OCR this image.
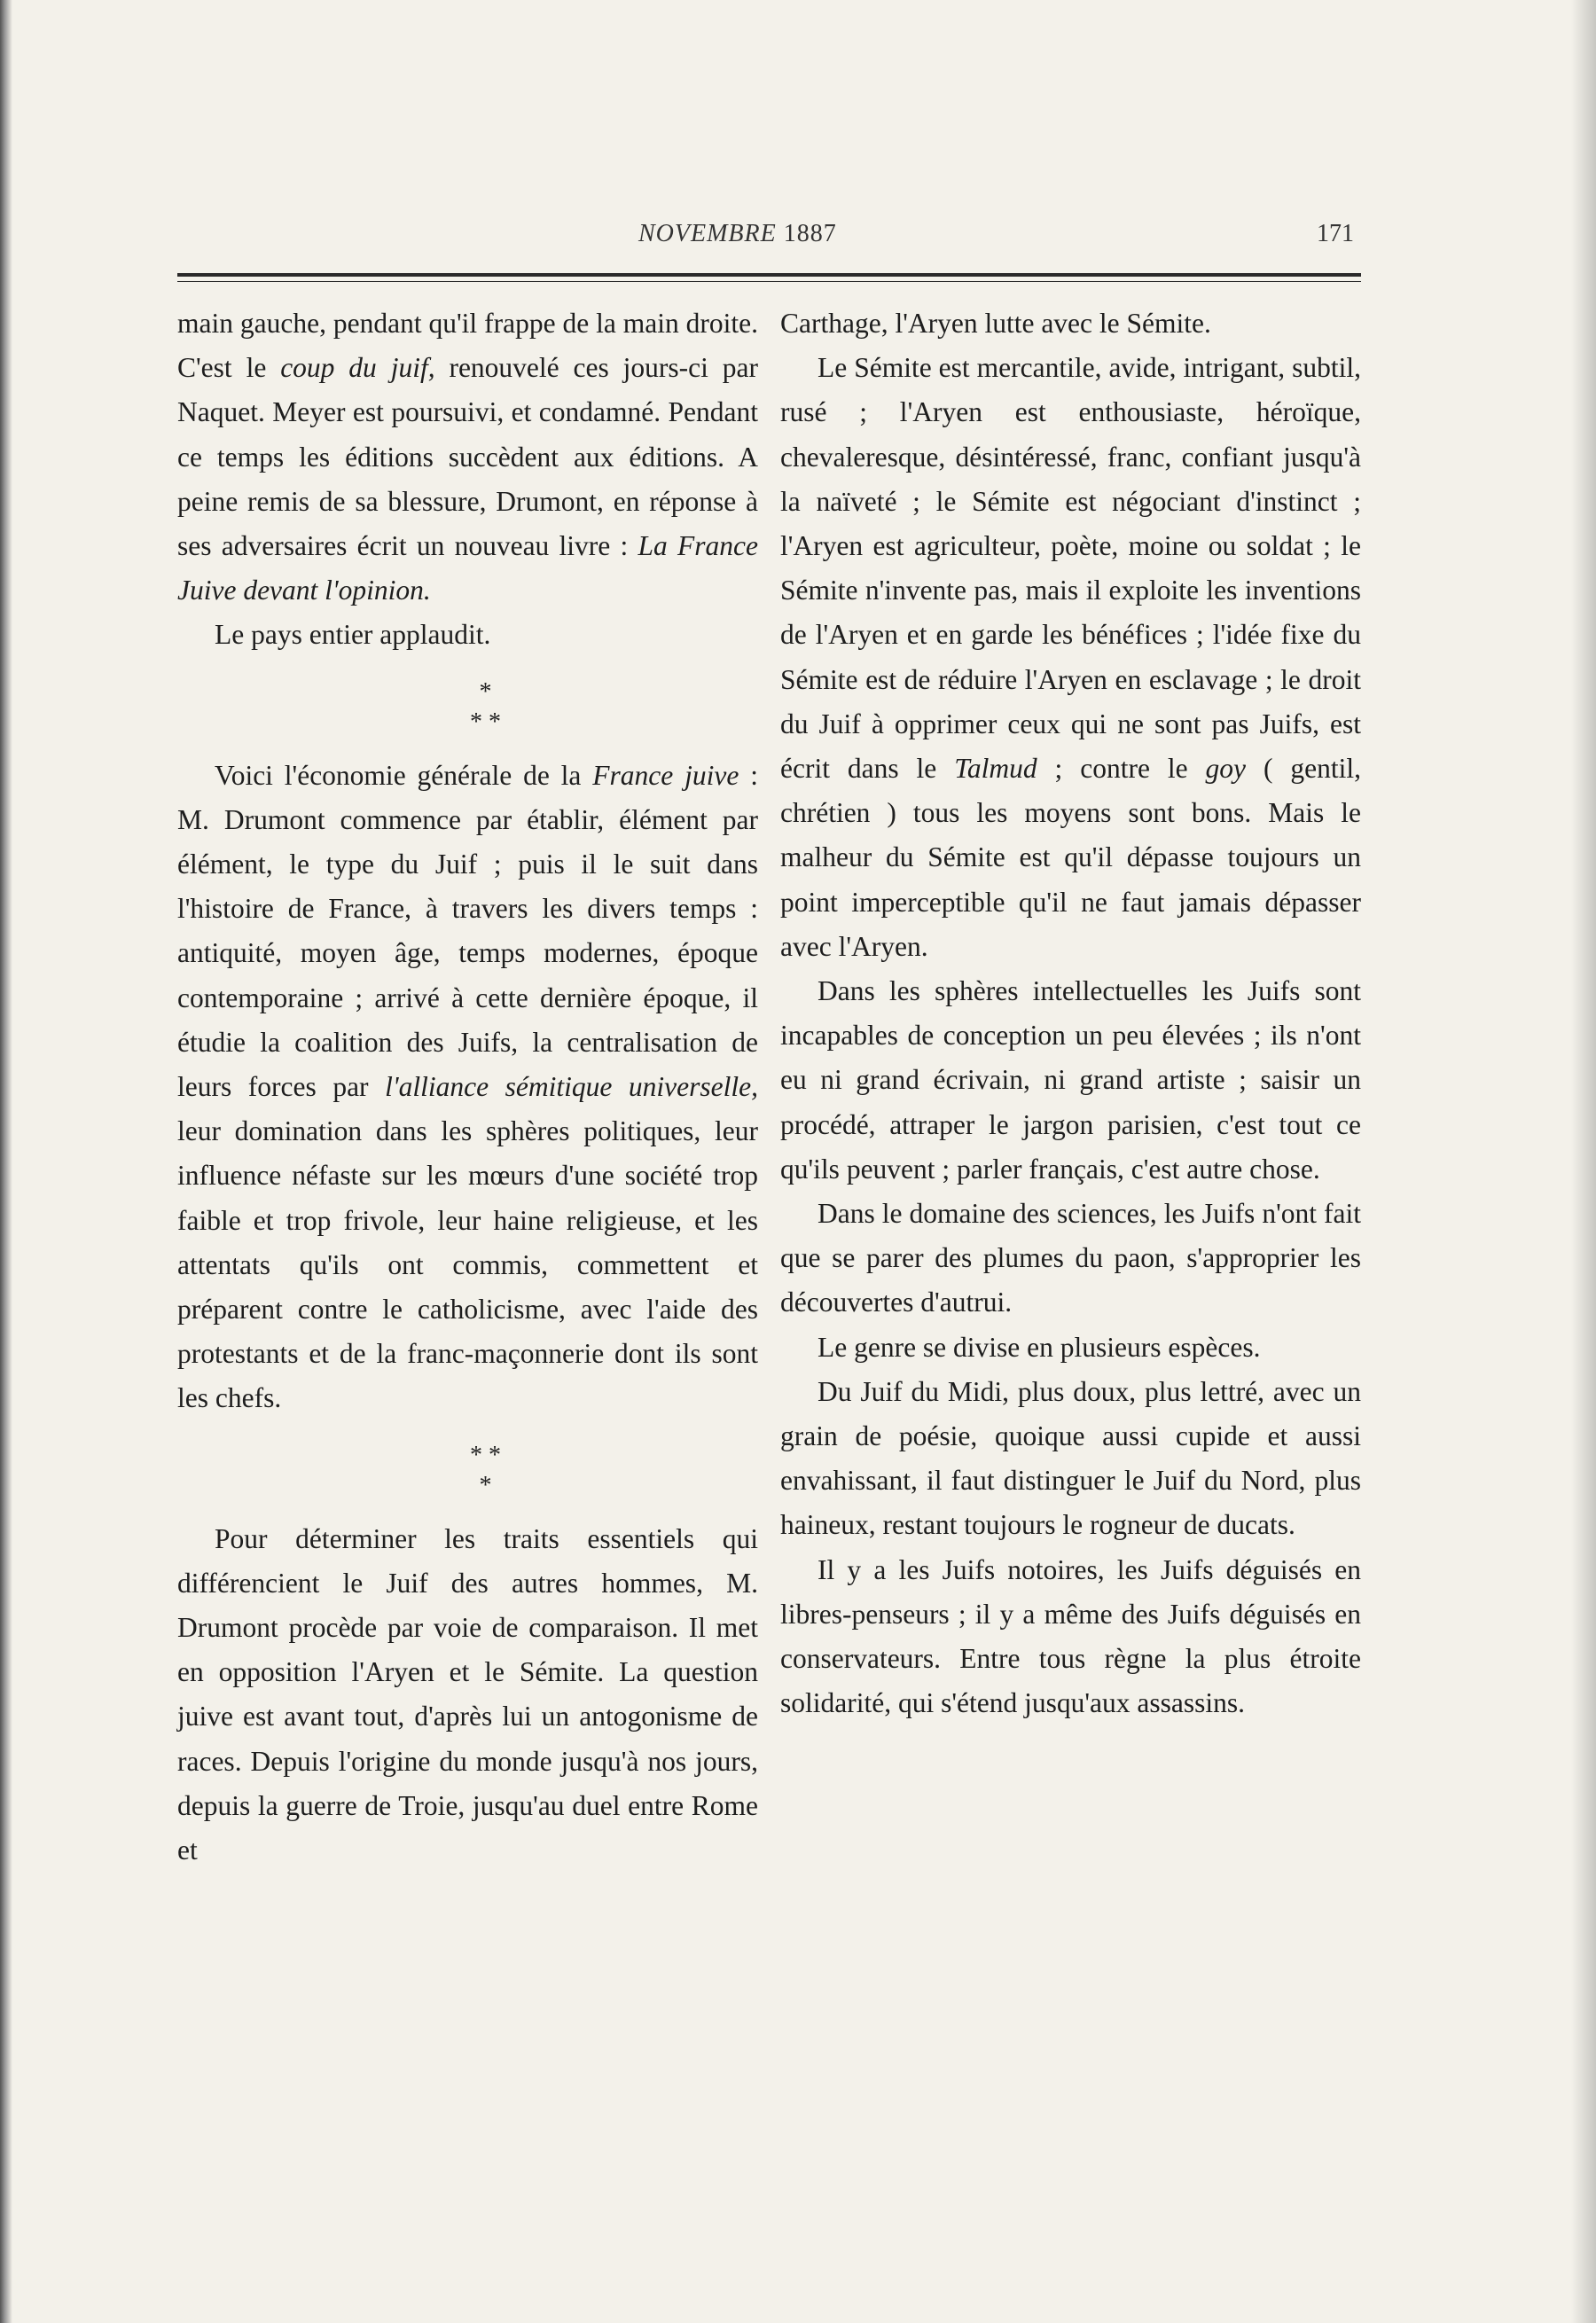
NOVEMBRE 1887	171

main gauche, pendant qu'il frappe de la main droite. C'est le coup du juif, renouvelé ces jours-ci par Naquet. Meyer est poursuivi, et condamné. Pendant ce temps les éditions succèdent aux éditions. A peine remis de sa blessure, Drumont, en réponse à ses adversaires écrit un nouveau livre : La France Juive devant l'opinion.

Le pays entier applaudit.

*
* *

Voici l'économie générale de la France juive : M. Drumont commence par établir, élément par élément, le type du Juif ; puis il le suit dans l'histoire de France, à travers les divers temps : antiquité, moyen âge, temps modernes, époque contemporaine ; arrivé à cette dernière époque, il étudie la coalition des Juifs, la centralisation de leurs forces par l'alliance sémitique universelle, leur domination dans les sphères politiques, leur influence néfaste sur les mœurs d'une société trop faible et trop frivole, leur haine religieuse, et les attentats qu'ils ont commis, commettent et préparent contre le catholicisme, avec l'aide des protestants et de la franc-maçonnerie dont ils sont les chefs.

* *
*

Pour déterminer les traits essentiels qui différencient le Juif des autres hommes, M. Drumont procède par voie de comparaison. Il met en opposition l'Aryen et le Sémite. La question juive est avant tout, d'après lui un antogonisme de races. Depuis l'origine du monde jusqu'à nos jours, depuis la guerre de Troie, jusqu'au duel entre Rome et

Carthage, l'Aryen lutte avec le Sémite.

Le Sémite est mercantile, avide, intrigant, subtil, rusé ; l'Aryen est enthousiaste, héroïque, chevaleresque, désintéressé, franc, confiant jusqu'à la naïveté ; le Sémite est négociant d'instinct ; l'Aryen est agriculteur, poète, moine ou soldat ; le Sémite n'invente pas, mais il exploite les inventions de l'Aryen et en garde les bénéfices ; l'idée fixe du Sémite est de réduire l'Aryen en esclavage ; le droit du Juif à opprimer ceux qui ne sont pas Juifs, est écrit dans le Talmud ; contre le goy ( gentil, chrétien ) tous les moyens sont bons. Mais le malheur du Sémite est qu'il dépasse toujours un point imperceptible qu'il ne faut jamais dépasser avec l'Aryen.

Dans les sphères intellectuelles les Juifs sont incapables de conception un peu élevées ; ils n'ont eu ni grand écrivain, ni grand artiste ; saisir un procédé, attraper le jargon parisien, c'est tout ce qu'ils peuvent ; parler français, c'est autre chose.

Dans le domaine des sciences, les Juifs n'ont fait que se parer des plumes du paon, s'approprier les découvertes d'autrui.

Le genre se divise en plusieurs espèces.

Du Juif du Midi, plus doux, plus lettré, avec un grain de poésie, quoique aussi cupide et aussi envahissant, il faut distinguer le Juif du Nord, plus haineux, restant toujours le rogneur de ducats.

Il y a les Juifs notoires, les Juifs déguisés en libres-penseurs ; il y a même des Juifs déguisés en conservateurs. Entre tous règne la plus étroite solidarité, qui s'étend jusqu'aux assassins.
